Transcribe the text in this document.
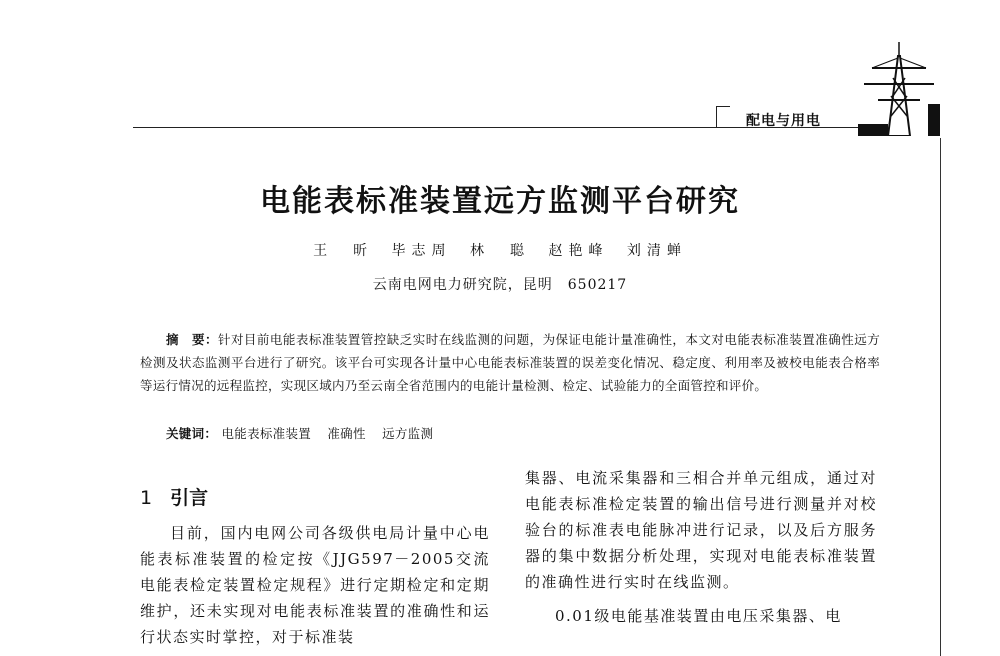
配电与用电
电能表标准装置远方监测平台研究
王　昕 毕志周 林　聪 赵艳峰 刘清蝉
云南电网电力研究院，昆明　650217
摘　要：针对目前电能表标准装置管控缺乏实时在线监测的问题，为保证电能计量准确性，本文对电能表标准装置准确性远方检测及状态监测平台进行了研究。该平台可实现各计量中心电能表标准装置的误差变化情况、稳定度、利用率及被校电能表合格率等运行情况的远程监控，实现区域内乃至云南全省范围内的电能计量检测、检定、试验能力的全面管控和评价。
关键词： 电能表标准装置 准确性 远方监测
1 引言
目前，国内电网公司各级供电局计量中心电能表标准装置的检定按《JJG597－2005交流电能表检定装置检定规程》进行定期检定和定期维护，还未实现对电能表标准装置的准确性和运行状态实时掌控，对于标准装

集器、电流采集器和三相合并单元组成，通过对电能表标准检定装置的输出信号进行测量并对校验台的标准表电能脉冲进行记录，以及后方服务器的集中数据分析处理，实现对电能表标准装置的准确性进行实时在线监测。

0.01级电能基准装置由电压采集器、电
